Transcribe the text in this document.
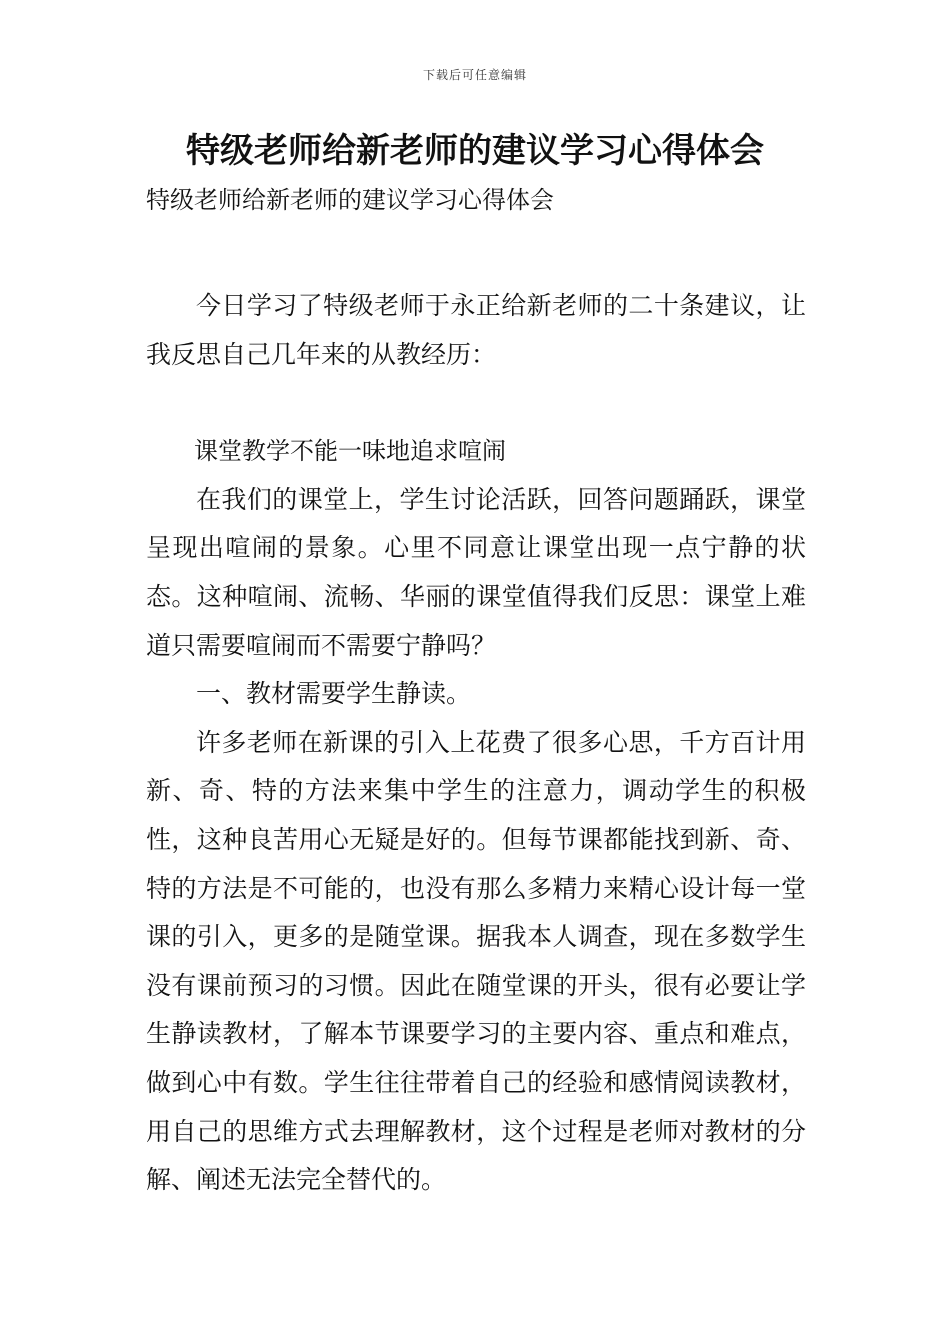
下载后可任意编辑
特级老师给新老师的建议学习心得体会
特级老师给新老师的建议学习心得体会

今日学习了特级老师于永正给新老师的二十条建议，让我反思自己几年来的从教经历：

课堂教学不能一味地追求喧闹

在我们的课堂上，学生讨论活跃，回答问题踊跃，课堂呈现出喧闹的景象。心里不同意让课堂出现一点宁静的状态。这种喧闹、流畅、华丽的课堂值得我们反思：课堂上难道只需要喧闹而不需要宁静吗？

一、教材需要学生静读。

许多老师在新课的引入上花费了很多心思，千方百计用新、奇、特的方法来集中学生的注意力，调动学生的积极性，这种良苦用心无疑是好的。但每节课都能找到新、奇、特的方法是不可能的，也没有那么多精力来精心设计每一堂课的引入，更多的是随堂课。据我本人调查，现在多数学生没有课前预习的习惯。因此在随堂课的开头，很有必要让学生静读教材，了解本节课要学习的主要内容、重点和难点，做到心中有数。学生往往带着自己的经验和感情阅读教材，用自己的思维方式去理解教材，这个过程是老师对教材的分解、阐述无法完全替代的。
